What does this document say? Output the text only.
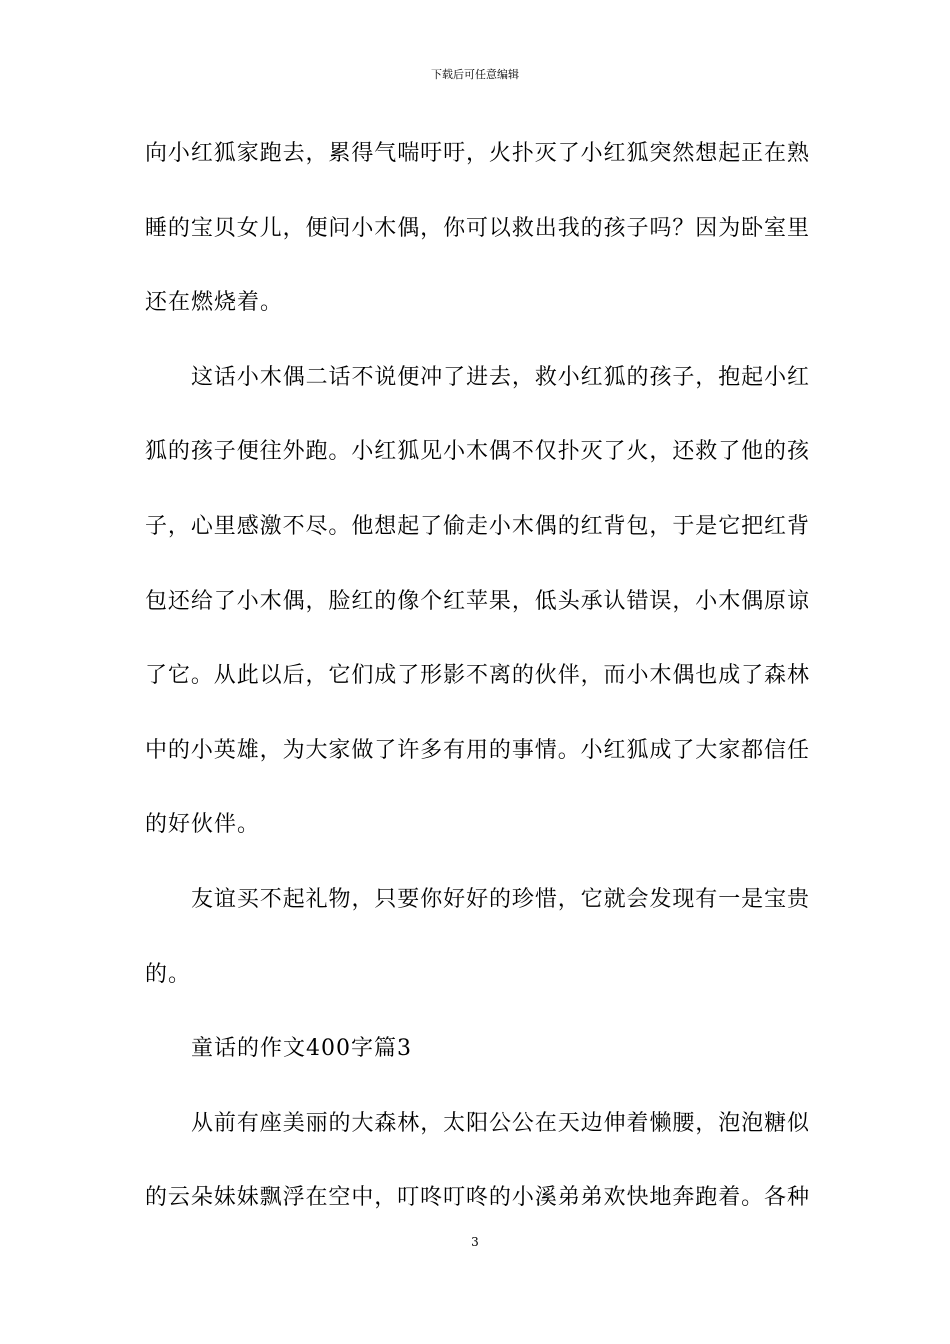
下载后可任意编辑
向小红狐家跑去，累得气喘吁吁，火扑灭了小红狐突然想起正在熟
睡的宝贝女儿，便问小木偶，你可以救出我的孩子吗？因为卧室里
还在燃烧着。
这话小木偶二话不说便冲了进去，救小红狐的孩子，抱起小红
狐的孩子便往外跑。小红狐见小木偶不仅扑灭了火，还救了他的孩
子，心里感激不尽。他想起了偷走小木偶的红背包，于是它把红背
包还给了小木偶，脸红的像个红苹果，低头承认错误，小木偶原谅
了它。从此以后，它们成了形影不离的伙伴，而小木偶也成了森林
中的小英雄，为大家做了许多有用的事情。小红狐成了大家都信任
的好伙伴。
友谊买不起礼物，只要你好好的珍惜，它就会发现有一是宝贵
的。
童话的作文400字篇3
从前有座美丽的大森林，太阳公公在天边伸着懒腰，泡泡糖似
的云朵妹妹飘浮在空中，叮咚叮咚的小溪弟弟欢快地奔跑着。各种
3
